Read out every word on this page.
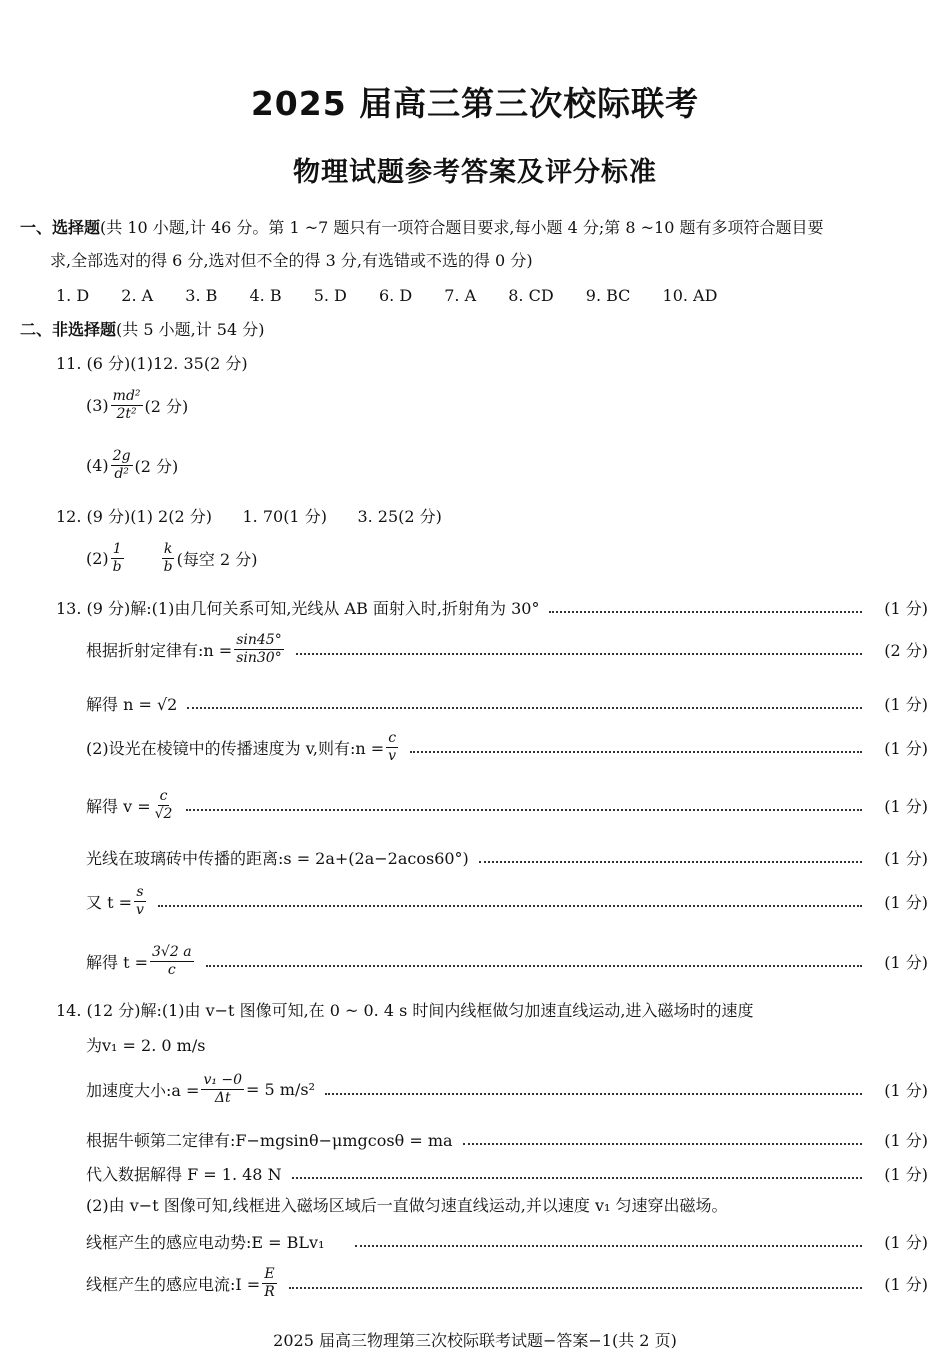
2025 届高三第三次校际联考
物理试题参考答案及评分标准
一、选择题(共 10 小题,计 46 分。第 1 ~7 题只有一项符合题目要求,每小题 4 分;第 8 ~10 题有多项符合题目要
求,全部选对的得 6 分,选对但不全的得 3 分,有选错或不选的得 0 分)
1. D 2. A 3. B 4. B 5. D 6. D 7. A 8. CD 9. BC 10. AD
二、非选择题(共 5 小题,计 54 分)
11. (6 分)(1)12. 35(2 分)
$(3) \frac{\text{md²}}{\text{2t²}} (2$ 分)
$(4) \frac{2g}{\text{d²}} (2$ 分)
12. (9 分)(1) 2(2 分)      1. 70(1 分)      3. 25(2 分)
$(2) \frac{1}{b}$	$\frac{k}{b}$ (每空 2 分)
13. (9 分)解:(1)由几何关系可知,光线从 AB 面射入时,折射角为 30°	(1 分)
根据折射定律有:n = $\frac{\sin 45^\circ}{\sin 30^\circ}$	(2 分)
解得 n = √2	(1 分)
(2)设光在棱镜中的传播速度为 v,则有:n = $\frac{c}{v}$	(1 分)
解得 $v = \frac{c}{√2}$	(1 分)
光线在玻璃砖中传播的距离:s = 2a+(2a−2acos60°)	(1 分)
又 $t = \frac{s}{v}$	(1 分)
解得 $t = \frac{3√2 a}{c}$	(1 分)
14. (12 分)解:(1)由 v−t 图像可知,在 0 ~ 0. 4 s 时间内线框做匀加速直线运动,进入磁场时的速度
为v₁ = 2. 0 m/s
加速度大小:a = $\frac{\text{v₁ −0}}{\Delta t} = 5$ m/s²	(1 分)
根据牛顿第二定律有:F−mgsinθ−μmgcosθ = ma	(1 分)
代入数据解得 F = 1. 48 N	(1 分)
(2)由 v−t 图像可知,线框进入磁场区域后一直做匀速直线运动,并以速度 v₁ 匀速穿出磁场。
线框产生的感应电动势:E = BLv₁	(1 分)
线框产生的感应电流:I = $\frac{E}{R}$	(1 分)
2025 届高三物理第三次校际联考试题−答案−1(共 2 页)
